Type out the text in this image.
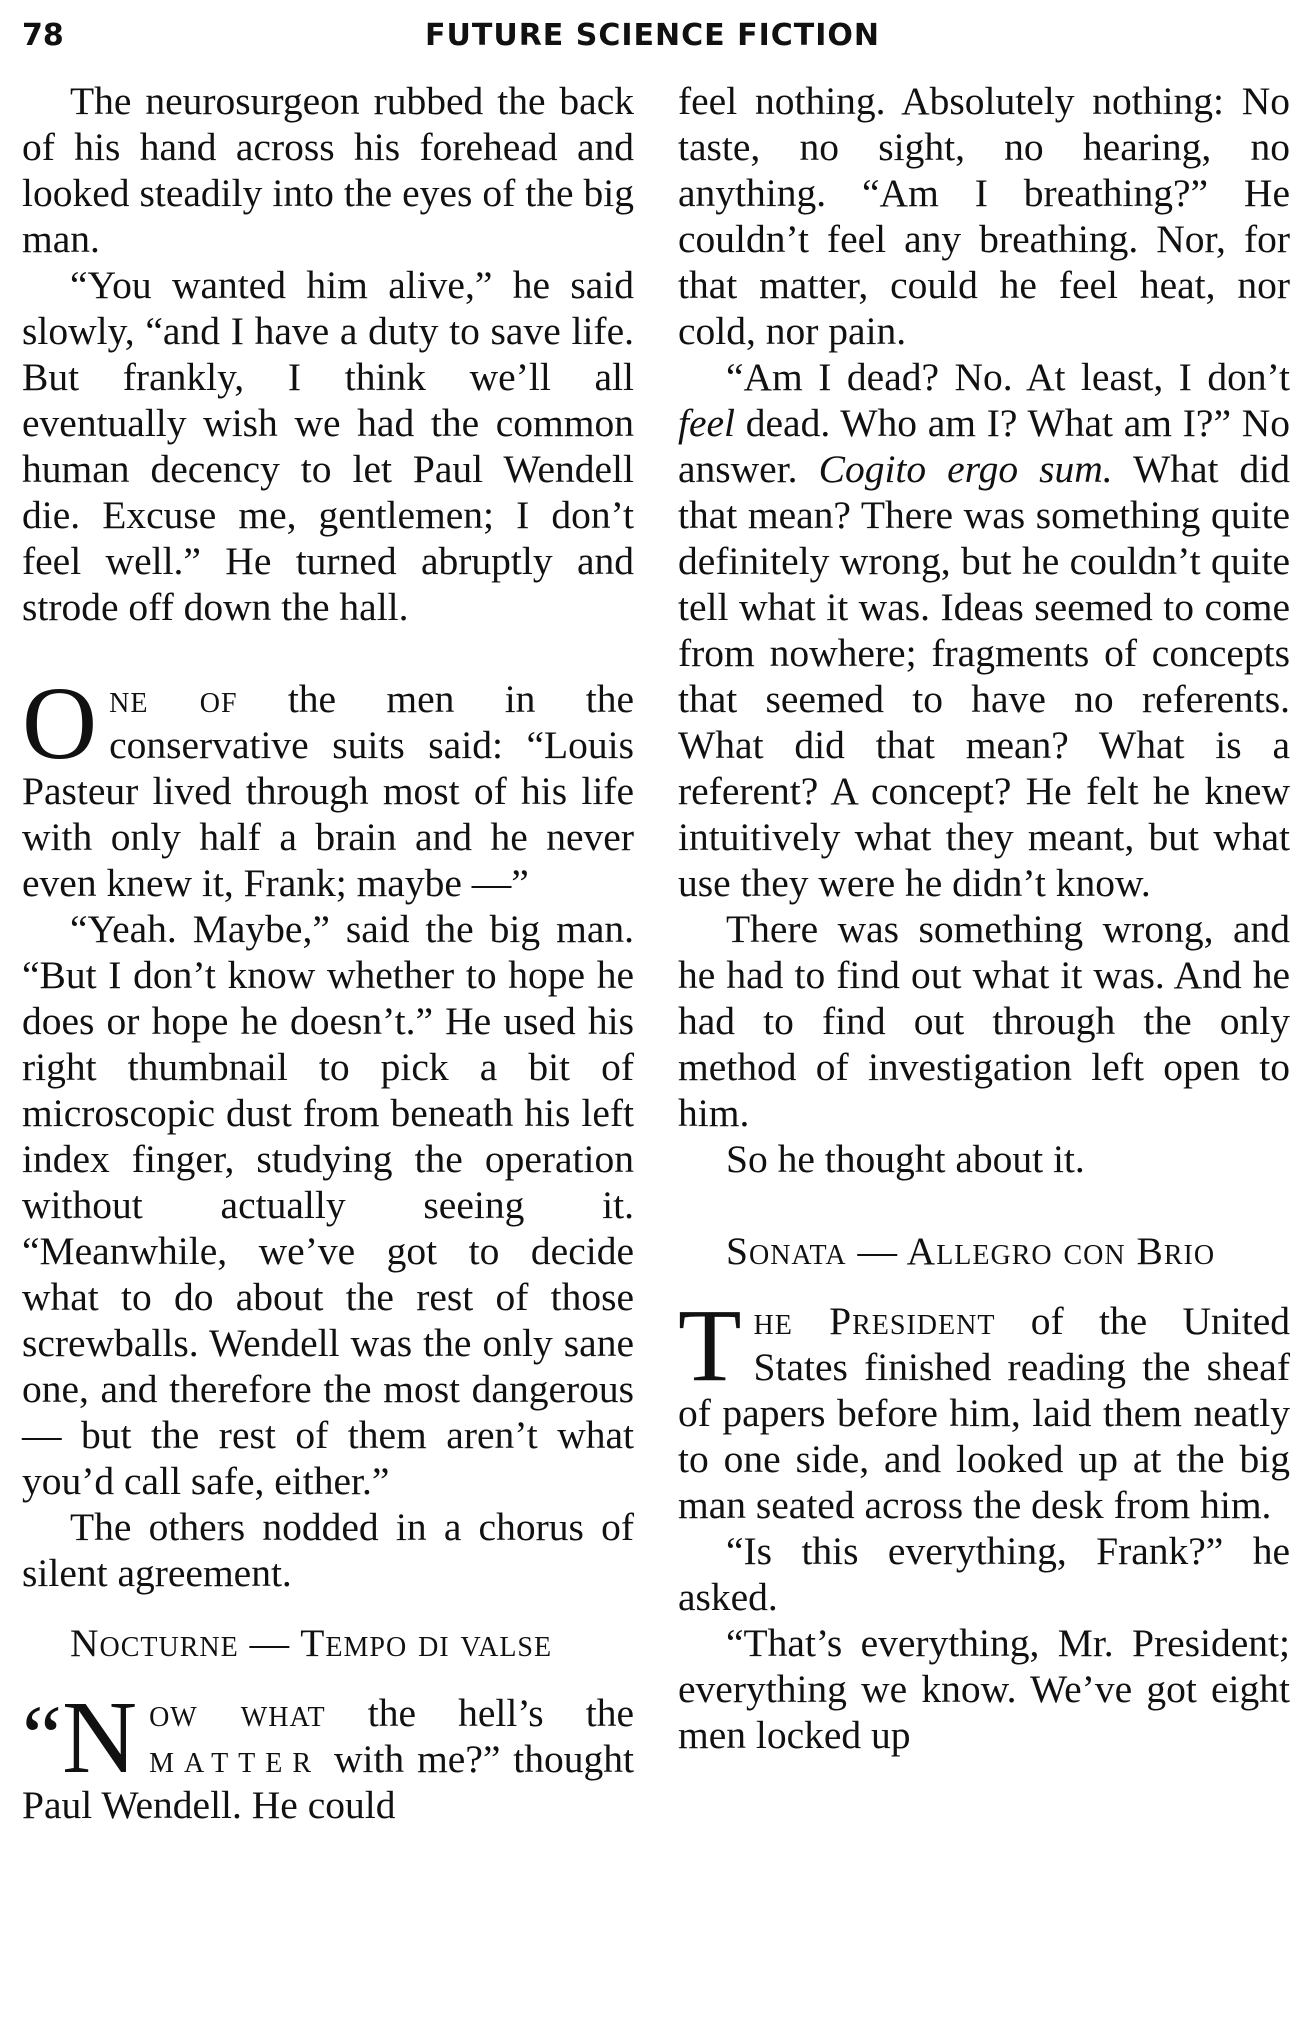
78	FUTURE SCIENCE FICTION

The neurosurgeon rubbed the back of his hand across his forehead and looked steadily into the eyes of the big man.

“You wanted him alive,” he said slowly, “and I have a duty to save life. But frankly, I think we’ll all eventually wish we had the common human decency to let Paul Wendell die. Excuse me, gentlemen; I don’t feel well.” He turned abruptly and strode off down the hall.

One of the men in the conservative suits said: “Louis Pasteur lived through most of his life with only half a brain and he never even knew it, Frank; maybe —”

“Yeah. Maybe,” said the big man. “But I don’t know whether to hope he does or hope he doesn’t.” He used his right thumbnail to pick a bit of microscopic dust from beneath his left index finger, studying the operation without actually seeing it. “Meanwhile, we’ve got to decide what to do about the rest of those screwballs. Wendell was the only sane one, and therefore the most dangerous — but the rest of them aren’t what you’d call safe, either.”

The others nodded in a chorus of silent agreement.

Nocturne — Tempo di valse

“ N ow what the hell’s the matter with me?” thought Paul Wendell. He could

feel nothing. Absolutely nothing: No taste, no sight, no hearing, no anything. “Am I breathing?” He couldn’t feel any breathing. Nor, for that matter, could he feel heat, nor cold, nor pain.

“Am I dead? No. At least, I don’t feel dead. Who am I? What am I?” No answer. Cogito ergo sum. What did that mean? There was something quite definitely wrong, but he couldn’t quite tell what it was. Ideas seemed to come from nowhere; fragments of concepts that seemed to have no referents. What did that mean? What is a referent? A concept? He felt he knew intuitively what they meant, but what use they were he didn’t know.

There was something wrong, and he had to find out what it was. And he had to find out through the only method of investigation left open to him.

So he thought about it.

Sonata — Allegro con Brio

The President of the United States finished reading the sheaf of papers before him, laid them neatly to one side, and looked up at the big man seated across the desk from him.

“Is this everything, Frank?” he asked.

“That’s everything, Mr. President; everything we know. We’ve got eight men locked up
